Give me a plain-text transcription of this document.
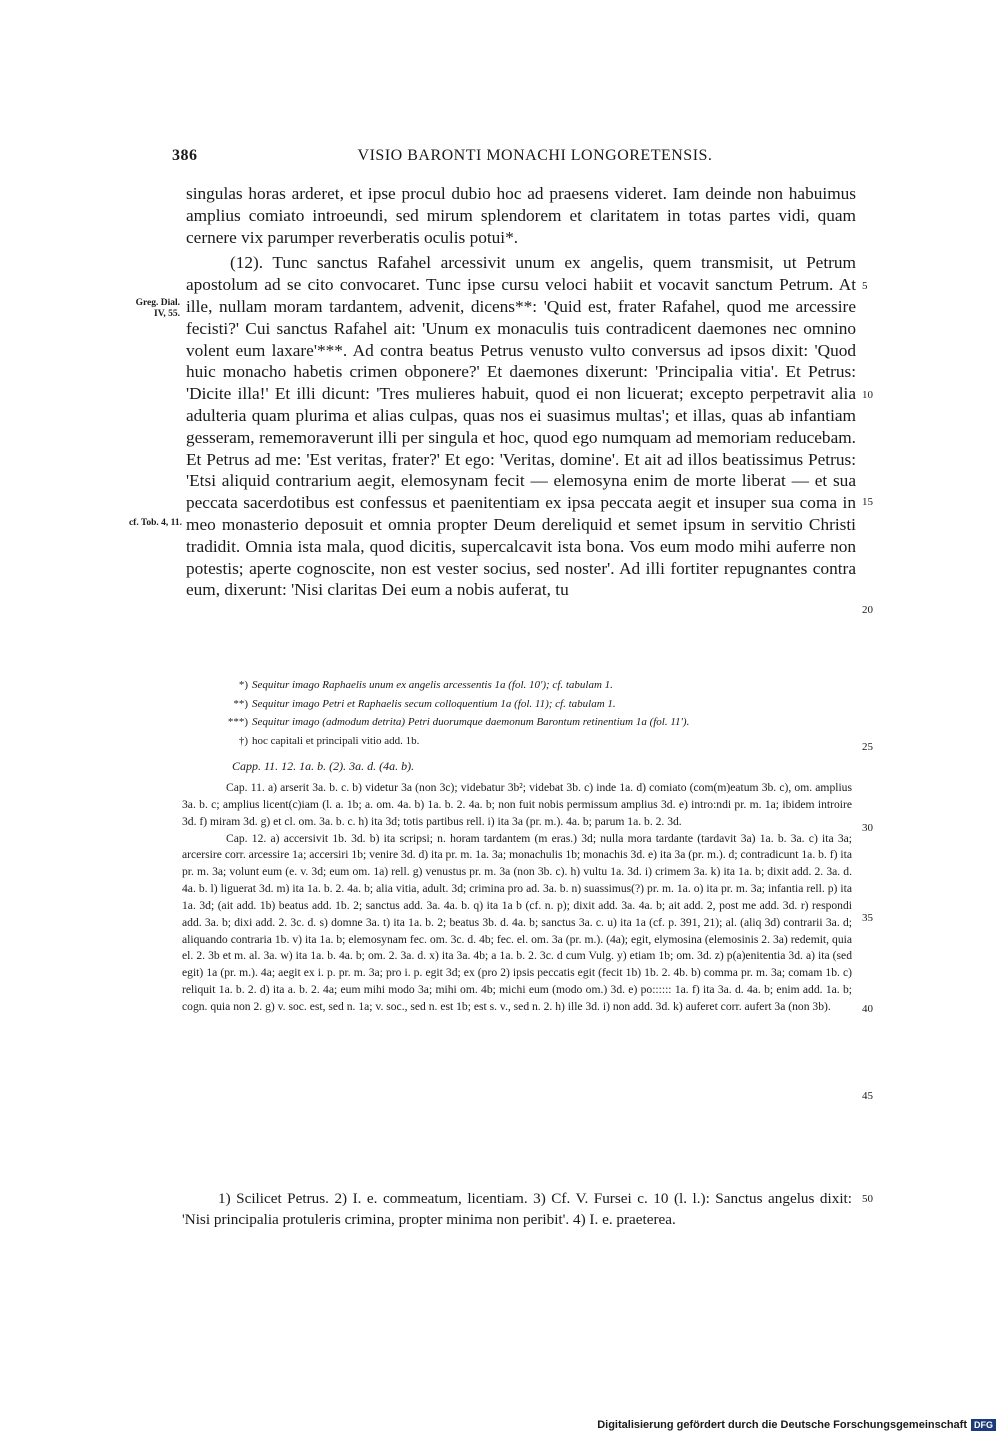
386	VISIO BARONTI MONACHI LONGORETENSIS.

singulas horas arderet, et ipse procul dubio hoc ad praesens videret. Iam deinde non habuimus amplius comiato introeundi, sed mirum splendorem et claritatem in totas partes vidi, quam cernere vix parumper reverberatis oculis potui*.

(12). Tunc sanctus Rafahel arcessivit unum ex angelis, quem transmisit, ut Petrum apostolum ad se cito convocaret. Tunc ipse cursu veloci habiit et vocavit sanctum Petrum. At ille, nullam moram tardantem, advenit, dicens**: 'Quid est, frater Rafahel, quod me arcessire fecisti?' Cui sanctus Rafahel ait: 'Unum ex monaculis tuis contradicent daemones nec omnino volent eum laxare'***. Ad contra beatus Petrus venusto vulto conversus ad ipsos dixit: 'Quod huic monacho habetis crimen obponere?' Et daemones dixerunt: 'Principalia vitia'. Et Petrus: 'Dicite illa!' Et illi dicunt: 'Tres mulieres habuit, quod ei non licuerat; excepto perpetravit alia adulteria quam plurima et alias culpas, quas nos ei suasimus multas'; et illas, quas ab infantiam gesseram, rememoraverunt illi per singula et hoc, quod ego numquam ad memoriam reducebam. Et Petrus ad me: 'Est veritas, frater?' Et ego: 'Veritas, domine'. Et ait ad illos beatissimus Petrus: 'Etsi aliquid contrarium aegit, elemosynam fecit — elemosyna enim de morte liberat — et sua peccata sacerdotibus est confessus et paenitentiam ex ipsa peccata aegit et insuper sua coma in meo monasterio deposuit et omnia propter Deum dereliquid et semet ipsum in servitio Christi tradidit. Omnia ista mala, quod dicitis, supercalcavit ista bona. Vos eum modo mihi auferre non potestis; aperte cognoscite, non est vester socius, sed noster'. Ad illi fortiter repugnantes contra eum, dixerunt: 'Nisi claritas Dei eum a nobis auferat, tu

Greg. Dial.
IV, 55.
cf. Tob. 4, 11.
5
10
15
20
25
30
35
40
45
50
*) Sequitur imago Raphaelis unum ex angelis arcessentis 1a (fol. 10'); cf. tabulam 1.
**) Sequitur imago Petri et Raphaelis secum colloquentium 1a (fol. 11); cf. tabulam 1.
***) Sequitur imago (admodum detrita) Petri duorumque daemonum Barontum retinentium 1a (fol. 11').
†) hoc capitali et principali vitio add. 1b.
Capp. 11. 12. 1a. b. (2). 3a. d. (4a. b).

Cap. 11. a) arserit 3a. b. c. b) videtur 3a (non 3c); videbatur 3b²; videbat 3b. c) inde 1a. d) comiato (com(m)eatum 3b. c), om. amplius 3a. b. c; amplius licent(c)iam (l. a. 1b; a. om. 4a. b) 1a. b. 2. 4a. b; non fuit nobis permissum amplius 3d. e) intro:ndi pr. m. 1a; ibidem introire 3d. f) miram 3d. g) et cl. om. 3a. b. c. h) ita 3d; totis partibus rell. i) ita 3a (pr. m.). 4a. b; parum 1a. b. 2. 3d.

Cap. 12. a) accersivit 1b. 3d. b) ita scripsi; n. horam tardantem (m eras.) 3d; nulla mora tardante (tardavit 3a) 1a. b. 3a. c) ita 3a; arcersire corr. arcessire 1a; accersiri 1b; venire 3d. d) ita pr. m. 1a. 3a; monachulis 1b; monachis 3d. e) ita 3a (pr. m.). d; contradicunt 1a. b. f) ita pr. m. 3a; volunt eum (e. v. 3d; eum om. 1a) rell. g) venustus pr. m. 3a (non 3b. c). h) vultu 1a. 3d. i) crimem 3a. k) ita 1a. b; dixit add. 2. 3a. d. 4a. b. l) liguerat 3d. m) ita 1a. b. 2. 4a. b; alia vitia, adult. 3d; crimina pro ad. 3a. b. n) suassimus(?) pr. m. 1a. o) ita pr. m. 3a; infantia rell. p) ita 1a. 3d; (ait add. 1b) beatus add. 1b. 2; sanctus add. 3a. 4a. b. q) ita 1a b (cf. n. p); dixit add. 3a. 4a. b; ait add. 2, post me add. 3d. r) respondi add. 3a. b; dixi add. 2. 3c. d. s) domne 3a. t) ita 1a. b. 2; beatus 3b. d. 4a. b; sanctus 3a. c. u) ita 1a (cf. p. 391, 21); al. (aliq 3d) contrarii 3a. d; aliquando contraria 1b. v) ita 1a. b; elemosynam fec. om. 3c. d. 4b; fec. el. om. 3a (pr. m.). (4a); egit, elymosina (elemosinis 2. 3a) redemit, quia el. 2. 3b et m. al. 3a. w) ita 1a. b. 4a. b; om. 2. 3a. d. x) ita 3a. 4b; a 1a. b. 2. 3c. d cum Vulg. y) etiam 1b; om. 3d. z) p(a)enitentia 3d. a) ita (sed egit) 1a (pr. m.). 4a; aegit ex i. p. pr. m. 3a; pro i. p. egit 3d; ex (pro 2) ipsis peccatis egit (fecit 1b) 1b. 2. 4b. b) comma pr. m. 3a; comam 1b. c) reliquit 1a. b. 2. d) ita a. b. 2. 4a; eum mihi modo 3a; mihi om. 4b; michi eum (modo om.) 3d. e) po:::::: 1a. f) ita 3a. d. 4a. b; enim add. 1a. b; cogn. quia non 2. g) v. soc. est, sed n. 1a; v. soc., sed n. est 1b; est s. v., sed n. 2. h) ille 3d. i) non add. 3d. k) auferet corr. aufert 3a (non 3b).

1) Scilicet Petrus. 2) I. e. commeatum, licentiam. 3) Cf. V. Fursei c. 10 (l. l.): Sanctus angelus dixit: 'Nisi principalia protuleris crimina, propter minima non peribit'. 4) I. e. praeterea.

Digitalisierung gefördert durch die Deutsche Forschungsgemeinschaft DFG
